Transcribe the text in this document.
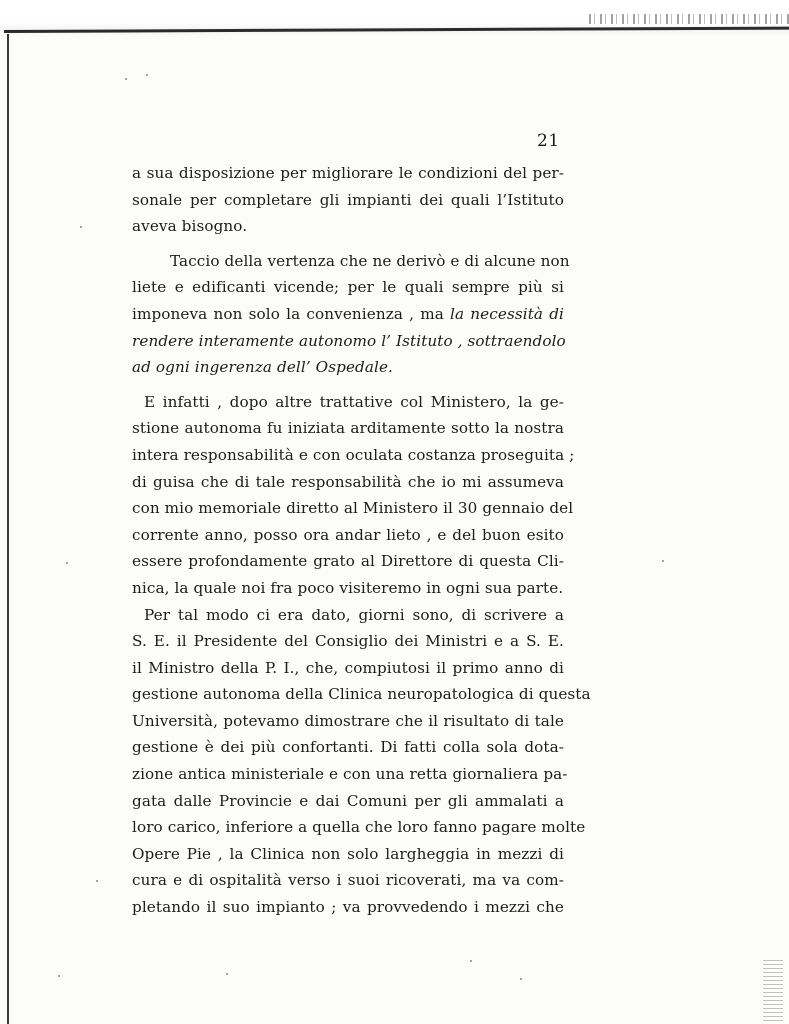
21
a sua disposizione per migliorare le condizioni del per-
sonale per completare gli impianti dei quali l’Istituto
aveva bisogno.
Taccio della vertenza che ne derivò e di alcune non
liete e edificanti vicende; per le quali sempre più si
imponeva non solo la convenienza , ma la necessità di
rendere interamente autonomo l’ Istituto , sottraendolo
ad ogni ingerenza dell’ Ospedale.
E infatti , dopo altre trattative col Ministero, la ge-
stione autonoma fu iniziata arditamente sotto la nostra
intera responsabilità e con oculata costanza proseguita ;
di guisa che di tale responsabilità che io mi assumeva
con mio memoriale diretto al Ministero il 30 gennaio del
corrente anno, posso ora andar lieto , e del buon esito
essere profondamente grato al Direttore di questa Cli-
nica, la quale noi fra poco visiteremo in ogni sua parte.
Per tal modo ci era dato, giorni sono, di scrivere a
S. E. il Presidente del Consiglio dei Ministri e a S. E.
il Ministro della P. I., che, compiutosi il primo anno di
gestione autonoma della Clinica neuropatologica di questa
Università, potevamo dimostrare che il risultato di tale
gestione è dei più confortanti. Di fatti colla sola dota-
zione antica ministeriale e con una retta giornaliera pa-
gata dalle Provincie e dai Comuni per gli ammalati a
loro carico, inferiore a quella che loro fanno pagare molte
Opere Pie , la Clinica non solo largheggia in mezzi di
cura e di ospitalità verso i suoi ricoverati, ma va com-
pletando il suo impianto ; va provvedendo i mezzi che
